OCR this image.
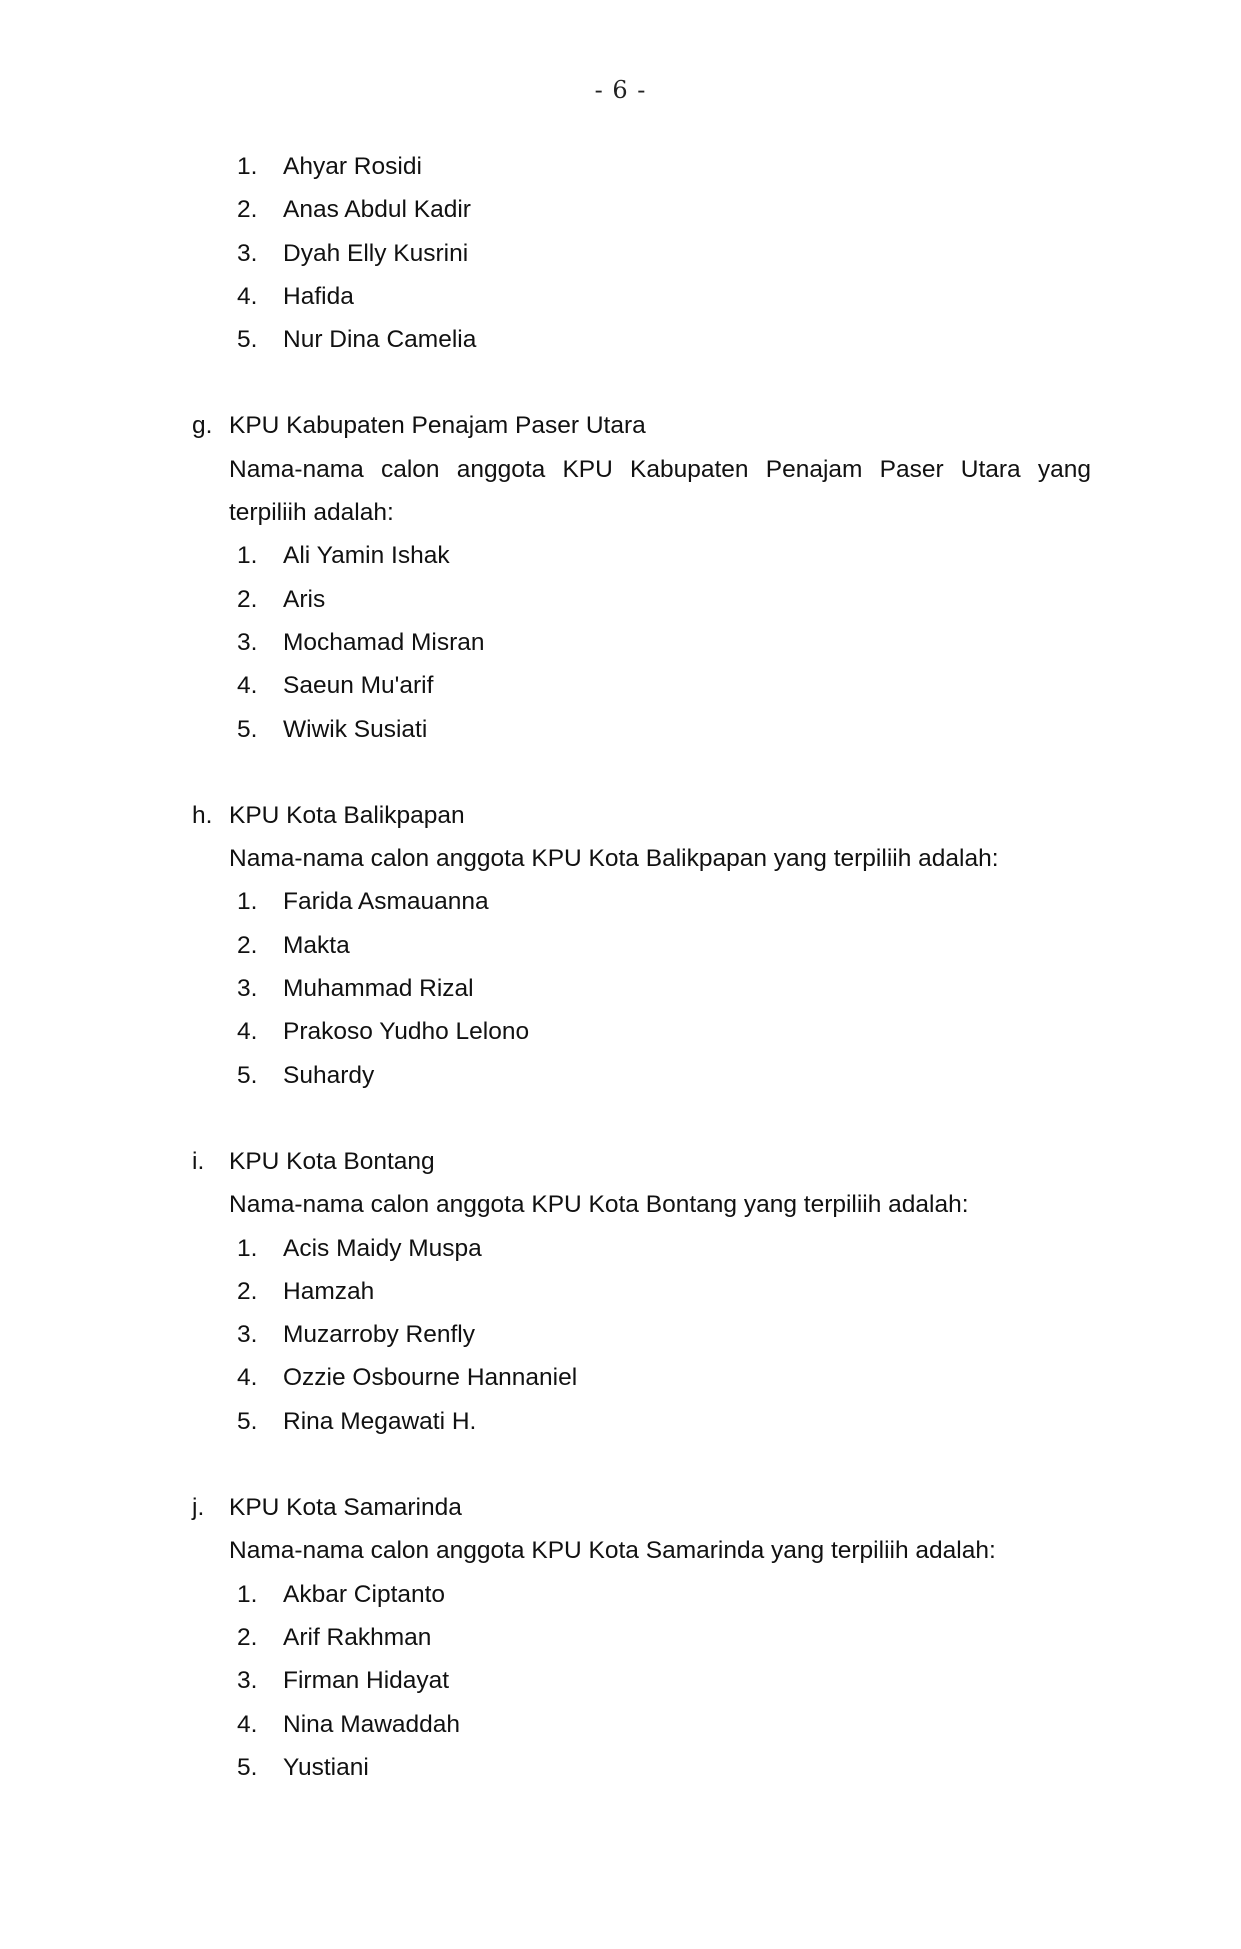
- 6 -
1. Ahyar Rosidi
2. Anas Abdul Kadir
3. Dyah Elly Kusrini
4. Hafida
5. Nur Dina Camelia
g. KPU Kabupaten Penajam Paser Utara
Nama-nama calon anggota KPU Kabupaten Penajam Paser Utara yang terpiliih adalah:
1. Ali Yamin Ishak
2. Aris
3. Mochamad Misran
4. Saeun Mu'arif
5. Wiwik Susiati
h. KPU Kota Balikpapan
Nama-nama calon anggota KPU Kota Balikpapan yang terpiliih adalah:
1. Farida Asmauanna
2. Makta
3. Muhammad Rizal
4. Prakoso Yudho Lelono
5. Suhardy
i. KPU Kota Bontang
Nama-nama calon anggota KPU Kota Bontang yang terpiliih adalah:
1. Acis Maidy Muspa
2. Hamzah
3. Muzarroby Renfly
4. Ozzie Osbourne Hannaniel
5. Rina Megawati H.
j. KPU Kota Samarinda
Nama-nama calon anggota KPU Kota Samarinda yang terpiliih adalah:
1. Akbar Ciptanto
2. Arif Rakhman
3. Firman Hidayat
4. Nina Mawaddah
5. Yustiani
